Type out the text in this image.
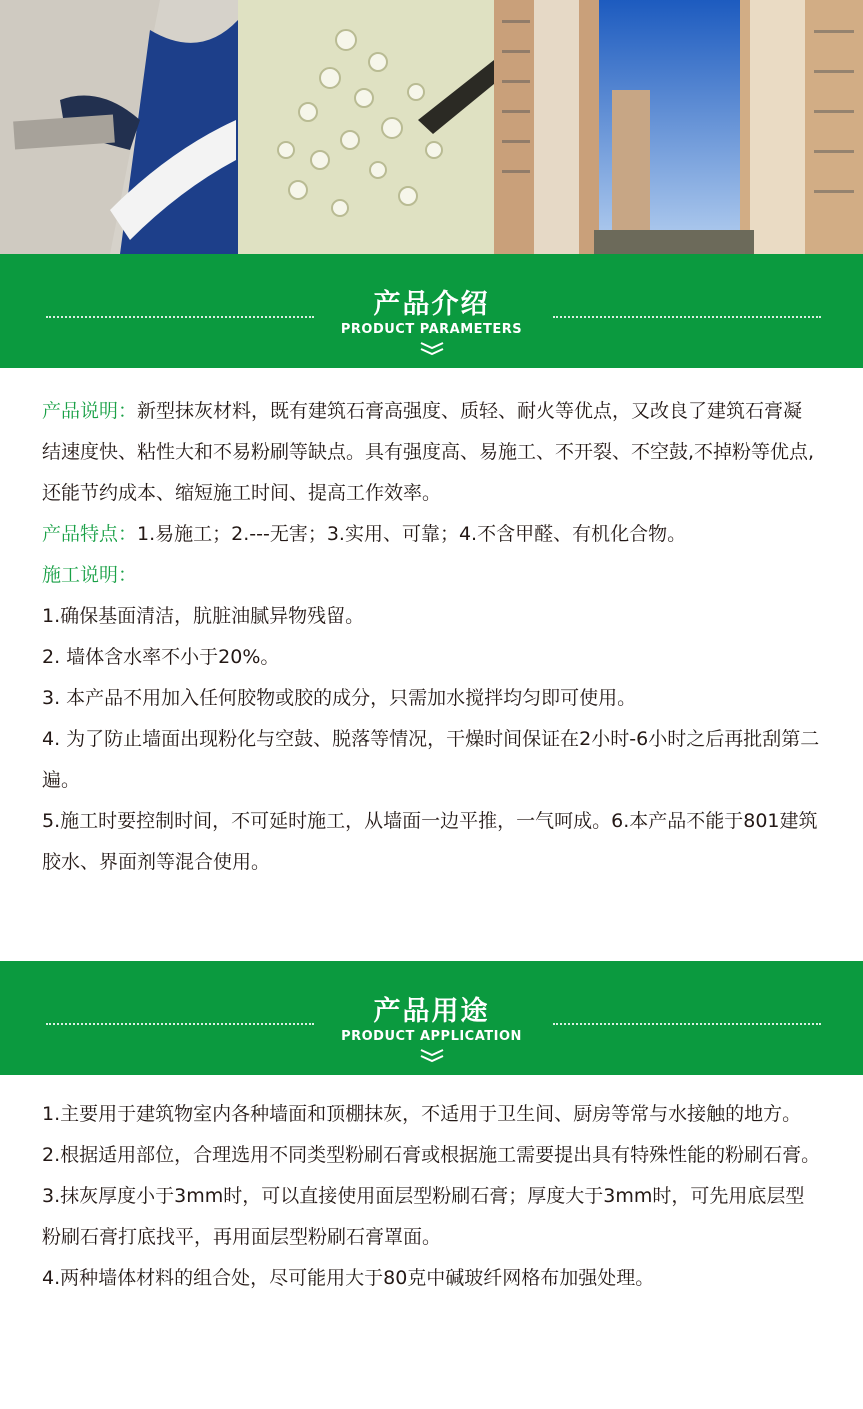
产品介绍
PRODUCT PARAMETERS

产品说明：新型抹灰材料，既有建筑石膏高强度、质轻、耐火等优点，又改良了建筑石膏凝结速度快、粘性大和不易粉刷等缺点。具有强度高、易施工、不开裂、不空鼓,不掉粉等优点,还能节约成本、缩短施工时间、提高工作效率。

产品特点：1.易施工；2.---无害；3.实用、可靠；4.不含甲醛、有机化合物。

施工说明：

1.确保基面清洁，肮脏油腻异物残留。

2. 墙体含水率不小于20%。

3. 本产品不用加入任何胶物或胶的成分，只需加水搅拌均匀即可使用。

4. 为了防止墙面出现粉化与空鼓、脱落等情况，干燥时间保证在2小时-6小时之后再批刮第二遍。

5.施工时要控制时间，不可延时施工，从墙面一边平推，一气呵成。6.本产品不能于801建筑胶水、界面剂等混合使用。

产品用途
PRODUCT APPLICATION

1.主要用于建筑物室内各种墙面和顶棚抹灰，不适用于卫生间、厨房等常与水接触的地方。

2.根据适用部位，合理选用不同类型粉刷石膏或根据施工需要提出具有特殊性能的粉刷石膏。

3.抹灰厚度小于3mm时，可以直接使用面层型粉刷石膏；厚度大于3mm时，可先用底层型粉刷石膏打底找平，再用面层型粉刷石膏罩面。

4.两种墙体材料的组合处，尽可能用大于80克中碱玻纤网格布加强处理。
